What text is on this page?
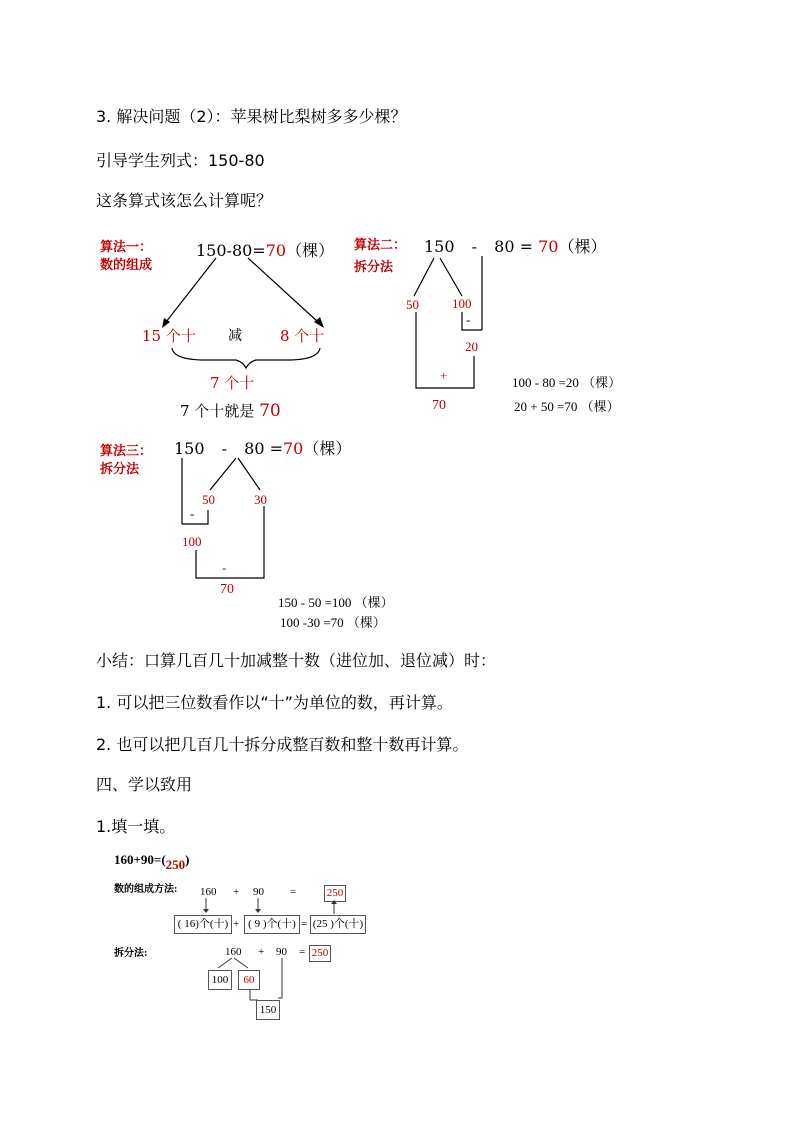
3. 解决问题（2）：苹果树比梨树多多少棵？
引导学生列式：150-80
这条算式该怎么计算呢？
算法一：
数的组成
150-80=70（棵）
15 个十 减	8 个十
7 个十
7 个十就是 70
算法二：
拆分法
150 - 80 = 70（棵）
50	100
-
20
+
70
100 - 80 =20 （棵）
20 + 50 =70 （棵）
算法三：
拆分法
150 - 80 =70（棵）
50	30
-
100
-
70
150 - 50 =100 （棵）
100 -30 =70 （棵）
小结：口算几百几十加减整十数（进位加、退位减）时：
1. 可以把三位数看作以“十”为单位的数，再计算。
2. 也可以把几百几十拆分成整百数和整十数再计算。
四、学以致用
1.填一填。
160+90=(250)
数的组成方法: 160 + 90 =	250
( 16)个(十) + ( 9 )个(十) = (25 )个(十)
拆分法:	160 + 90 = 250
100	60
150
